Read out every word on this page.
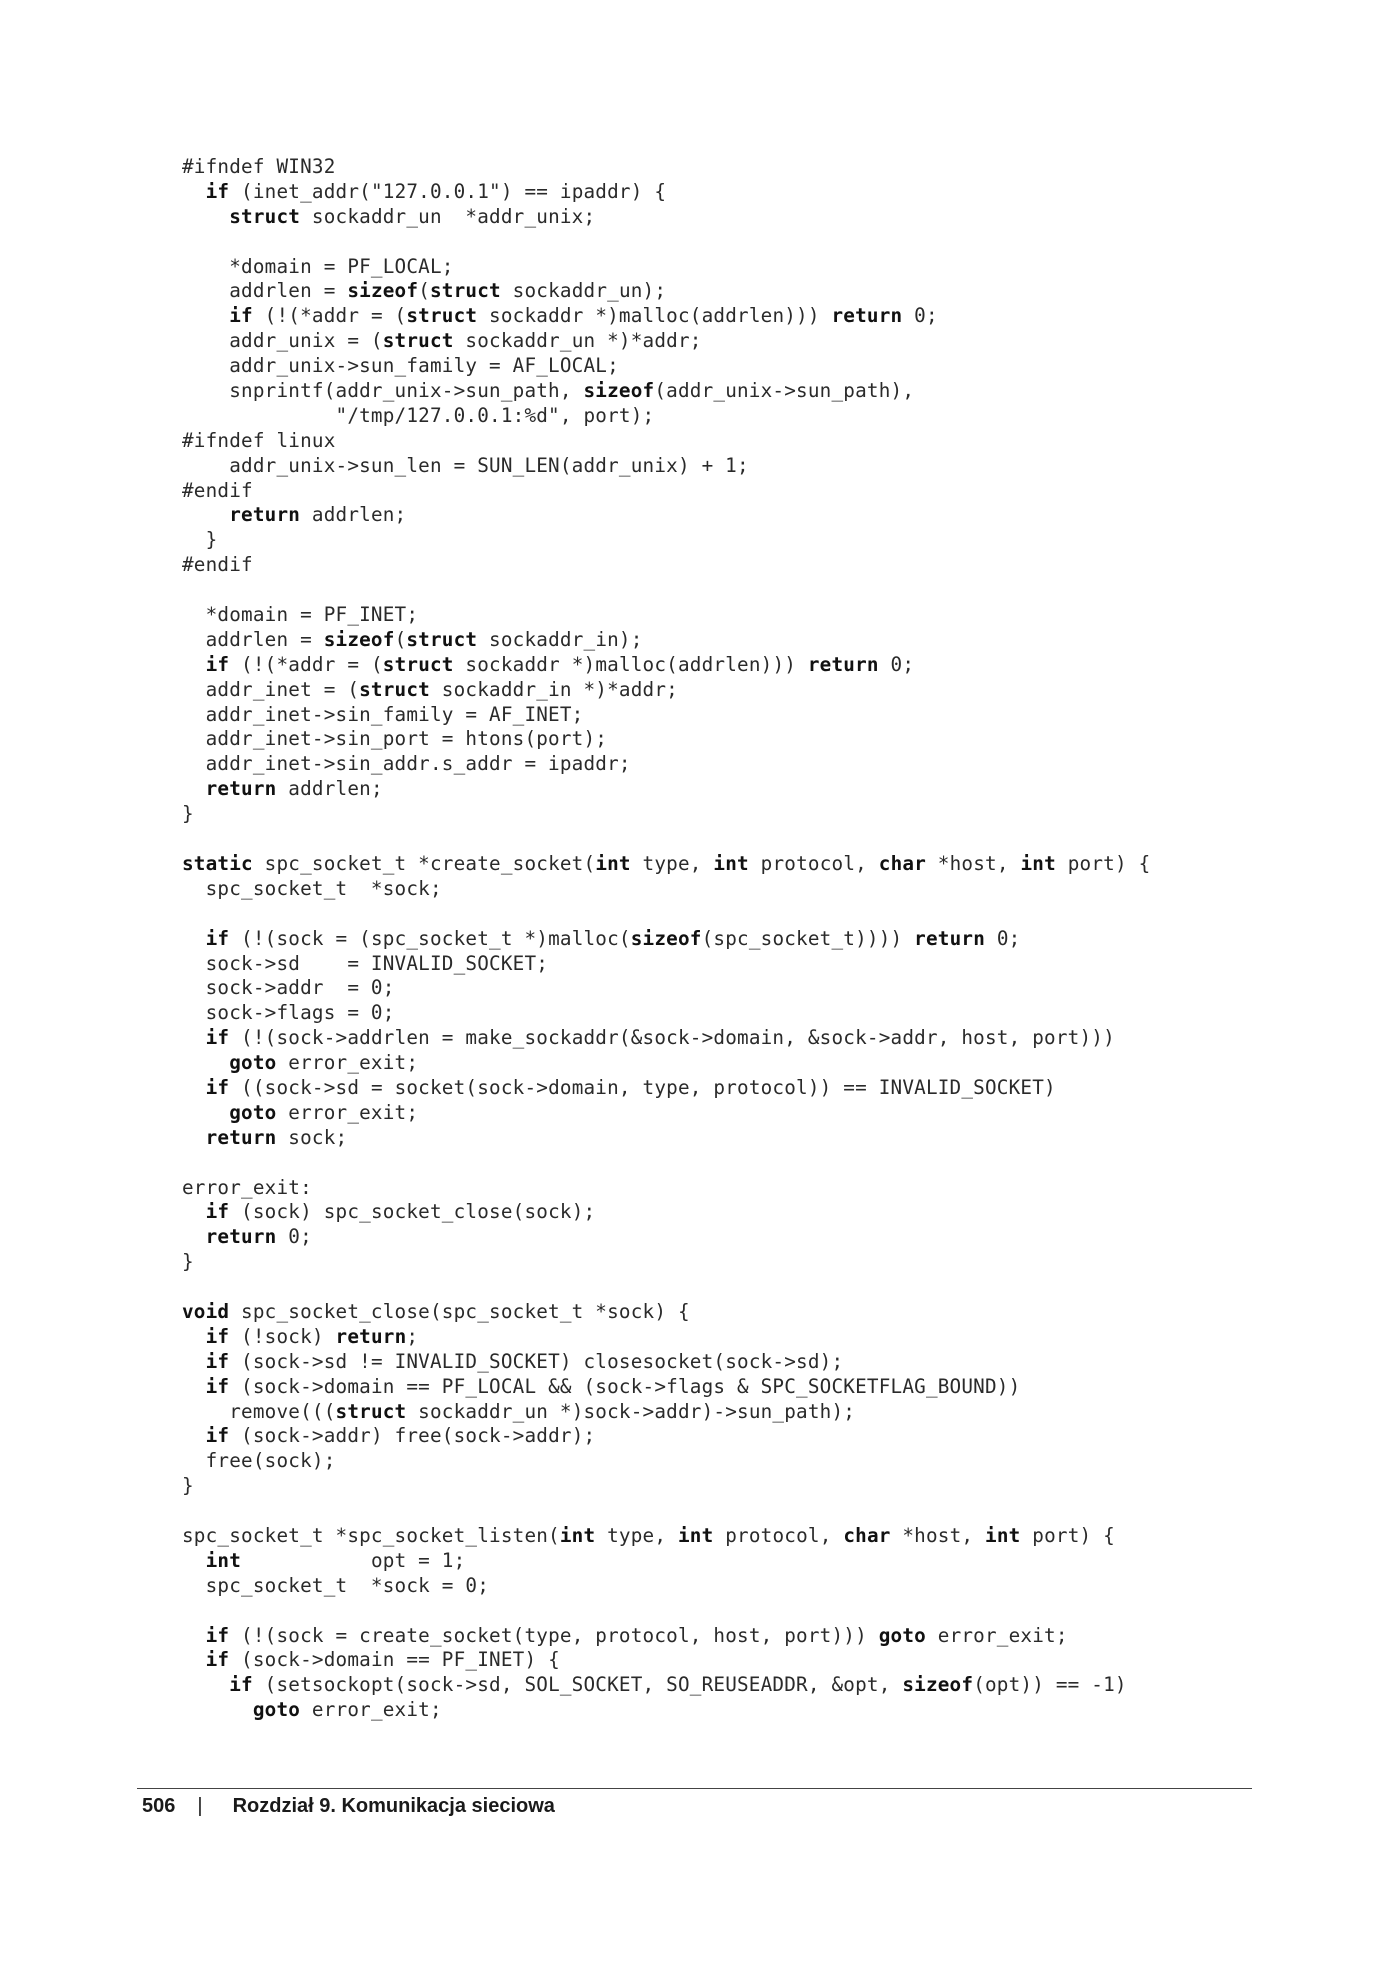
#ifndef WIN32
if (inet_addr("127.0.0.1") == ipaddr) {
struct sockaddr_un  *addr_unix;
*domain = PF_LOCAL;
addrlen = sizeof(struct sockaddr_un);
if (!(*addr = (struct sockaddr *)malloc(addrlen))) return 0;
addr_unix = (struct sockaddr_un *)*addr;
addr_unix->sun_family = AF_LOCAL;
snprintf(addr_unix->sun_path, sizeof(addr_unix->sun_path),
"/tmp/127.0.0.1:%d", port);
#ifndef linux
addr_unix->sun_len = SUN_LEN(addr_unix) + 1;
#endif
return addrlen;
}
#endif
*domain = PF_INET;
addrlen = sizeof(struct sockaddr_in);
if (!(*addr = (struct sockaddr *)malloc(addrlen))) return 0;
addr_inet = (struct sockaddr_in *)*addr;
addr_inet->sin_family = AF_INET;
addr_inet->sin_port = htons(port);
addr_inet->sin_addr.s_addr = ipaddr;
return addrlen;
}
static spc_socket_t *create_socket(int type, int protocol, char *host, int port) {
spc_socket_t  *sock;
if (!(sock = (spc_socket_t *)malloc(sizeof(spc_socket_t)))) return 0;
sock->sd    = INVALID_SOCKET;
sock->addr  = 0;
sock->flags = 0;
if (!(sock->addrlen = make_sockaddr(&sock->domain, &sock->addr, host, port)))
goto error_exit;
if ((sock->sd = socket(sock->domain, type, protocol)) == INVALID_SOCKET)
goto error_exit;
return sock;
error_exit:
if (sock) spc_socket_close(sock);
return 0;
}
void spc_socket_close(spc_socket_t *sock) {
if (!sock) return;
if (sock->sd != INVALID_SOCKET) closesocket(sock->sd);
if (sock->domain == PF_LOCAL && (sock->flags & SPC_SOCKETFLAG_BOUND))
remove(((struct sockaddr_un *)sock->addr)->sun_path);
if (sock->addr) free(sock->addr);
free(sock);
}
spc_socket_t *spc_socket_listen(int type, int protocol, char *host, int port) {
int           opt = 1;
spc_socket_t  *sock = 0;
if (!(sock = create_socket(type, protocol, host, port))) goto error_exit;
if (sock->domain == PF_INET) {
if (setsockopt(sock->sd, SOL_SOCKET, SO_REUSEADDR, &opt, sizeof(opt)) == -1)
goto error_exit;
506 | Rozdział 9. Komunikacja sieciowa
